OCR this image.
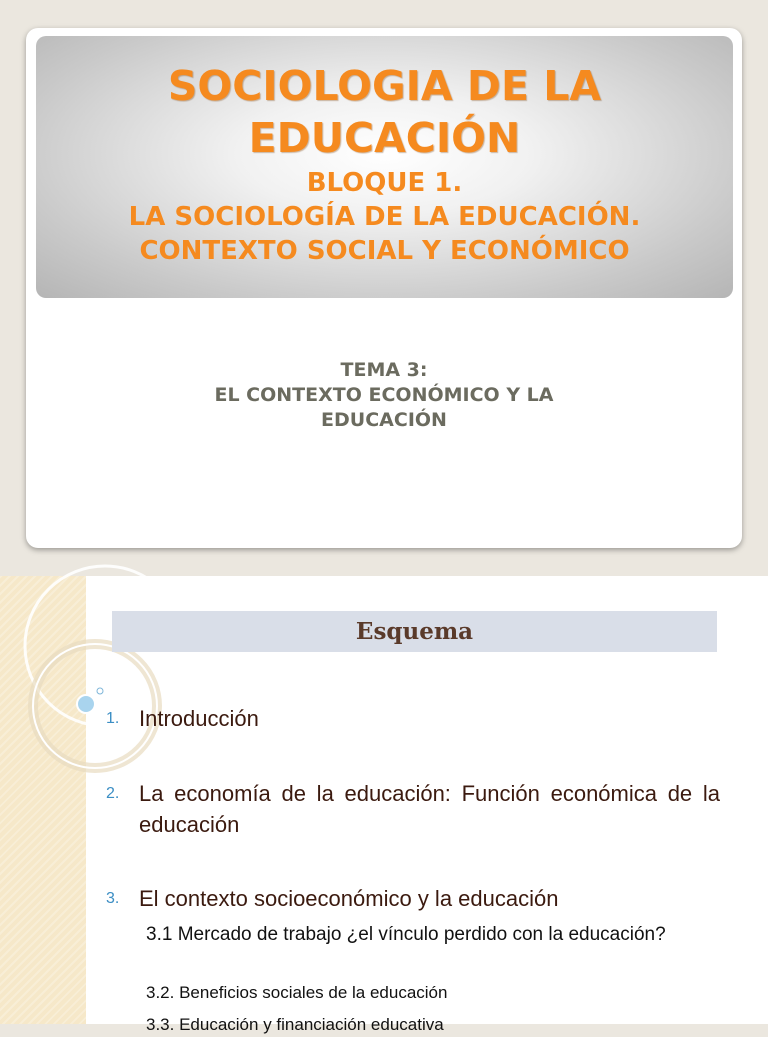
SOCIOLOGIA DE LA
EDUCACIÓN
BLOQUE 1.
LA SOCIOLOGÍA DE LA EDUCACIÓN.
CONTEXTO SOCIAL Y ECONÓMICO
TEMA 3:
EL CONTEXTO ECONÓMICO Y LA
EDUCACIÓN
Esquema
1. Introducción
2. La economía de la educación: Función económica de la educación
3. El contexto socioeconómico y la educación
3.1 Mercado de trabajo ¿el vínculo perdido con la educación?
3.2. Beneficios sociales de la educación
3.3. Educación y financiación educativa
